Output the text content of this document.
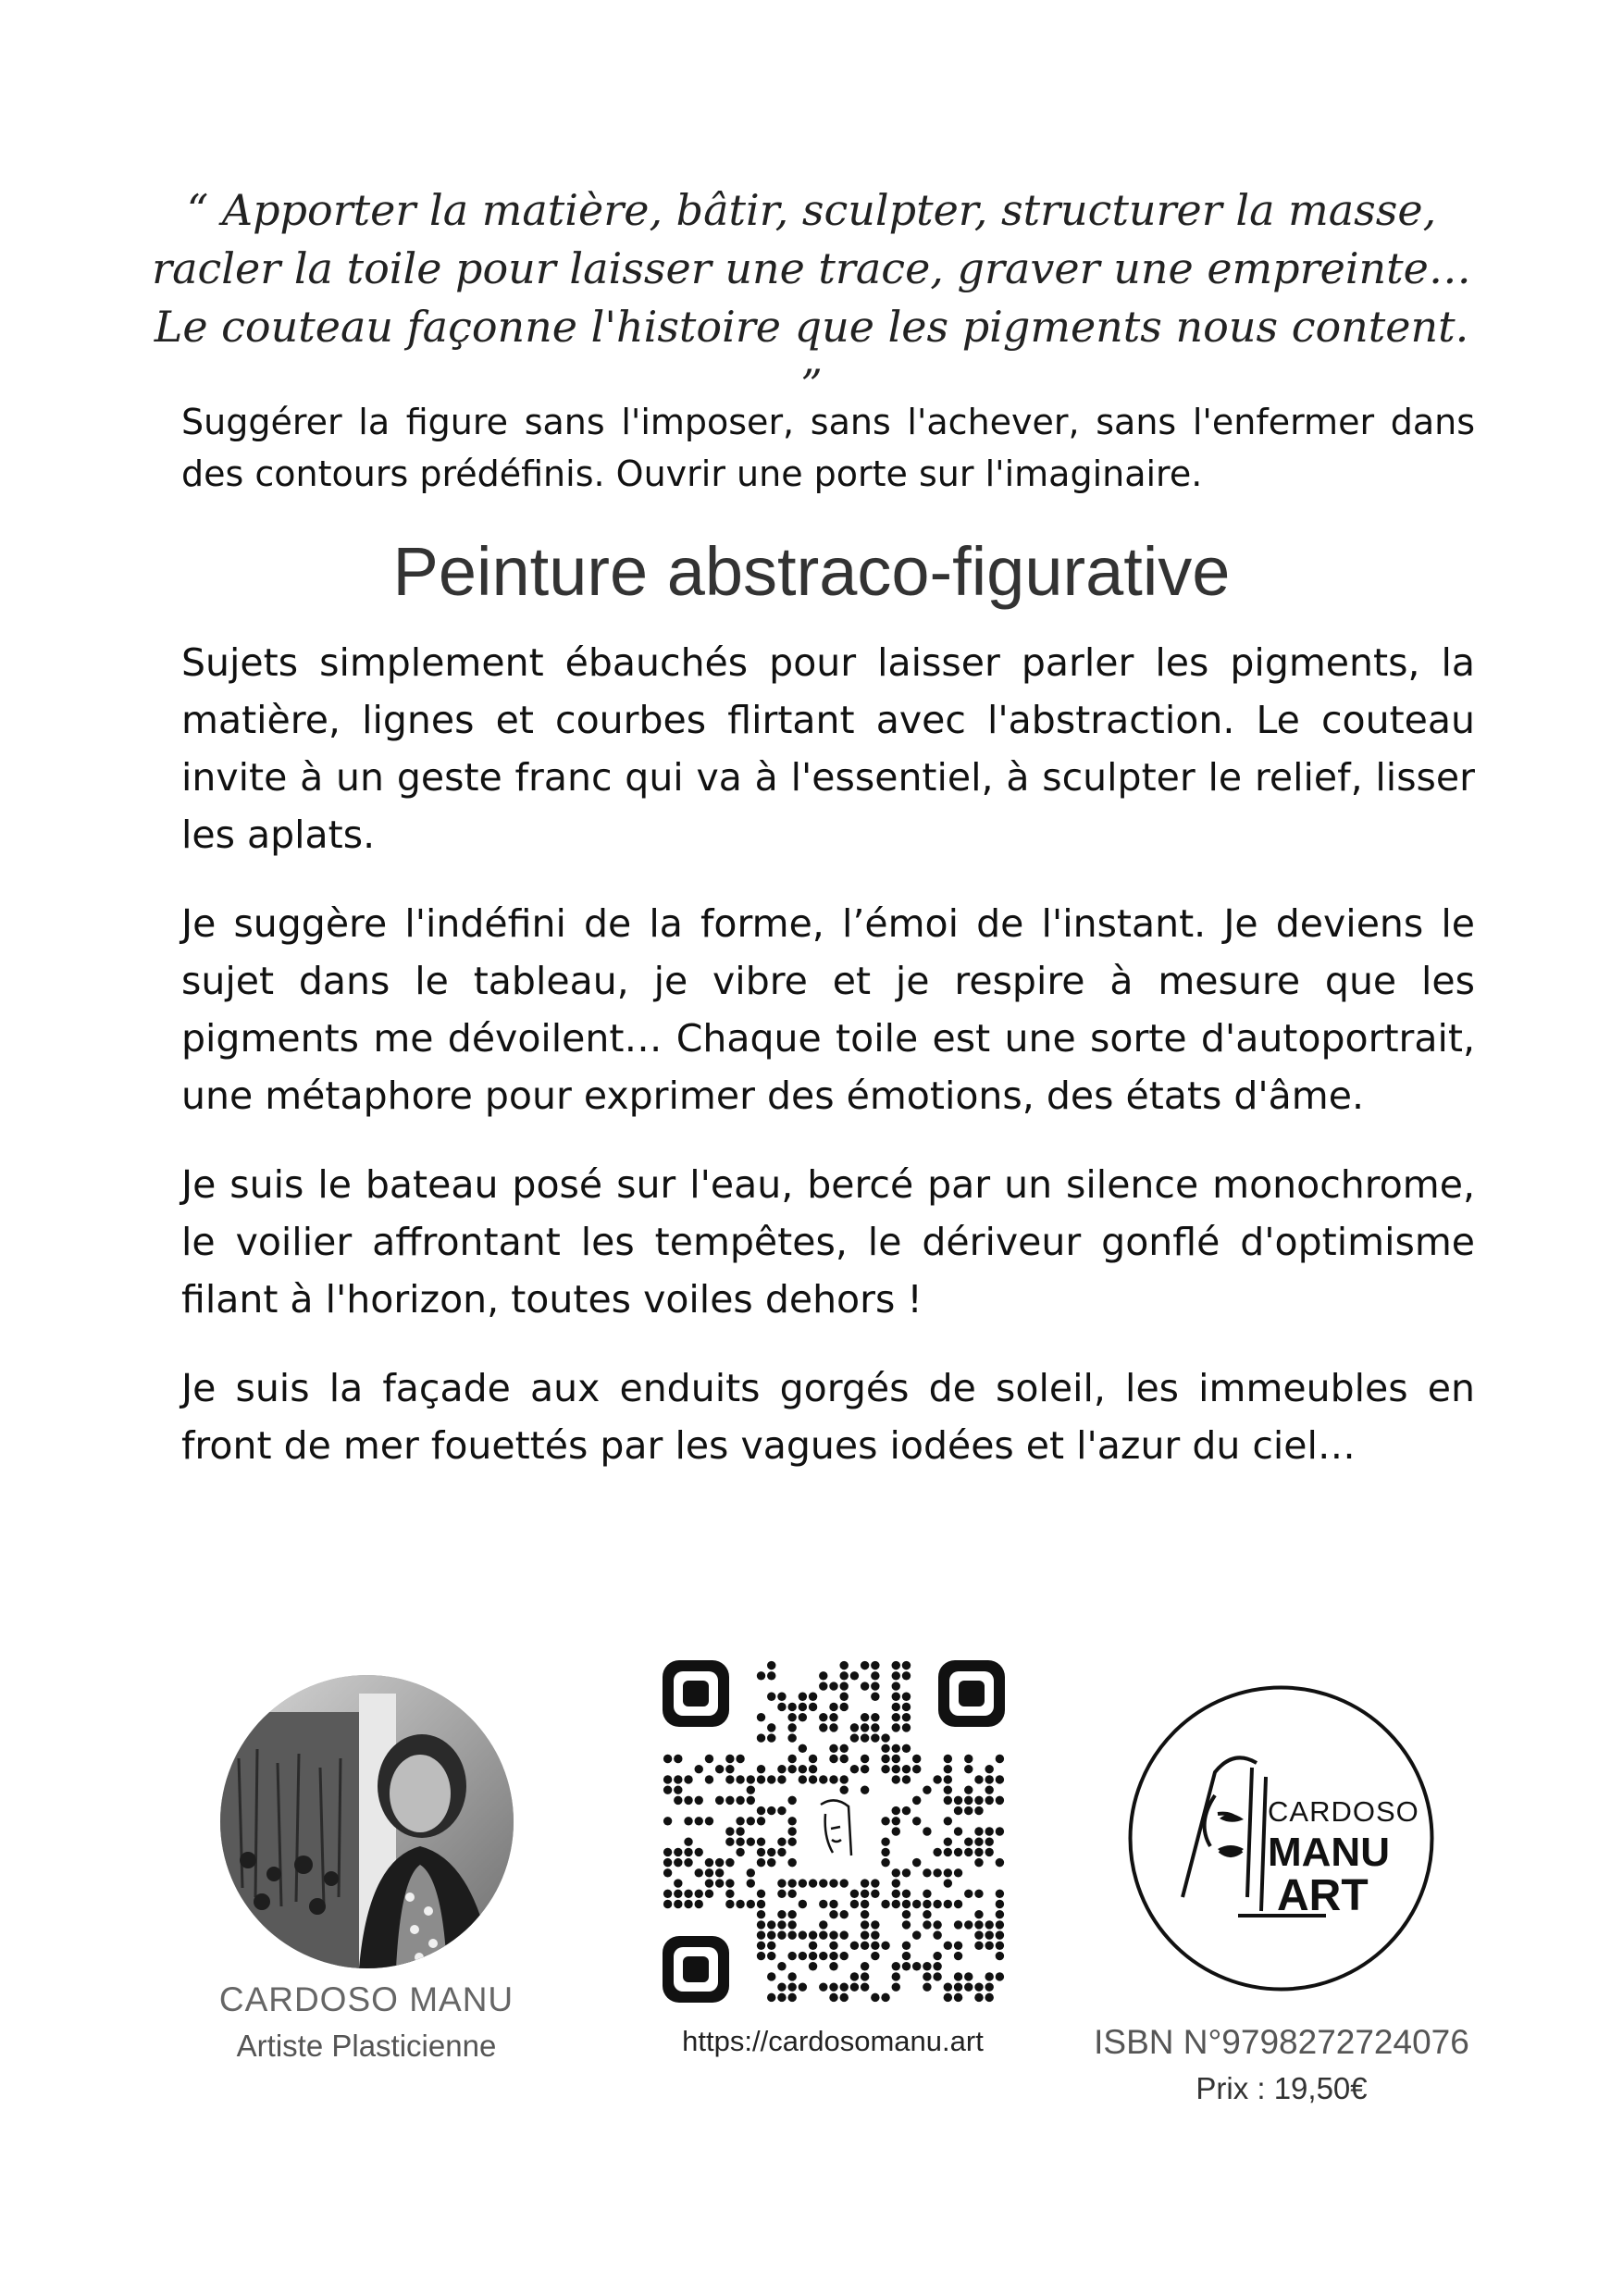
“ Apporter la matière, bâtir, sculpter, structurer la masse,
racler la toile pour laisser une trace, graver une empreinte…
Le couteau façonne l'histoire que les pigments nous content. ”
Suggérer la figure sans l'imposer, sans l'achever, sans l'enfermer dans des contours prédéfinis. Ouvrir une porte sur l'imaginaire.
Peinture abstraco-figurative

Sujets simplement ébauchés pour laisser parler les pigments, la matière, lignes et courbes flirtant avec l'abstraction. Le couteau invite à un geste franc qui va à l'essentiel, à sculpter le relief, lisser les aplats.

Je suggère l'indéfini de la forme, l’émoi de l'instant. Je deviens le sujet dans le tableau, je vibre et je respire à mesure que les pigments me dévoilent… Chaque toile est une sorte d'autoportrait, une métaphore pour exprimer des émotions, des états d'âme.

Je suis le bateau posé sur l'eau, bercé par un silence monochrome, le voilier affrontant les tempêtes, le dériveur gonflé d'optimisme filant à l'horizon, toutes voiles dehors !

Je suis la façade aux enduits gorgés de soleil, les immeubles en front de mer fouettés par les vagues iodées et l'azur du ciel…

CARDOSO MANU
Artiste Plasticienne	https://cardosomanu.art
CARDOSO
MANU
ART
ISBN N°9798272724076
Prix : 19,50€
